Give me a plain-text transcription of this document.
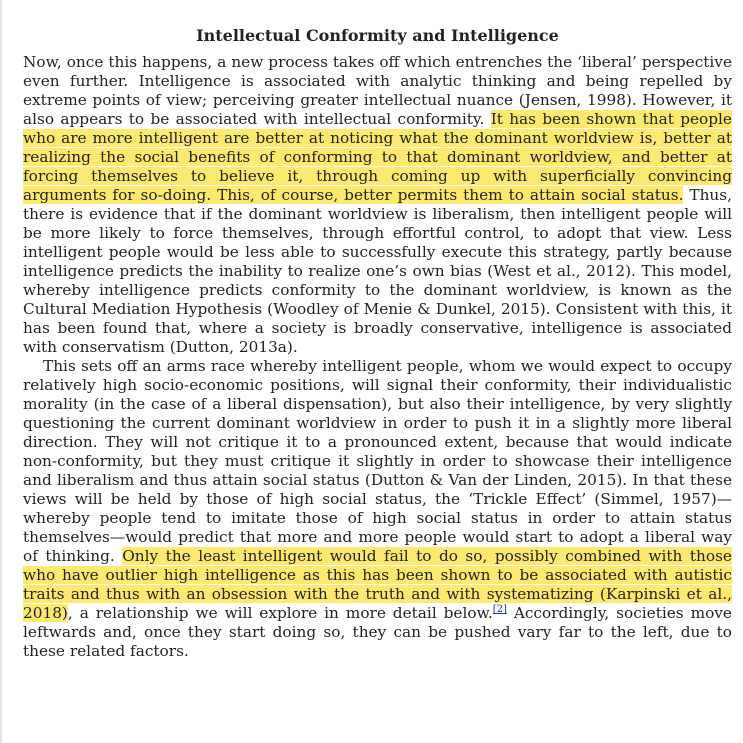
Intellectual Conformity and Intelligence

Now, once this happens, a new process takes off which entrenches the ‘liberal’ perspective even further. Intelligence is associated with analytic thinking and being repelled by extreme points of view; perceiving greater intellectual nuance (Jensen, 1998). However, it also appears to be associated with intellectual conformity. It has been shown that people who are more intelligent are better at noticing what the dominant worldview is, better at realizing the social benefits of conforming to that dominant worldview, and better at forcing themselves to believe it, through coming up with superficially convincing arguments for so-doing. This, of course, better permits them to attain social status. Thus, there is evidence that if the dominant worldview is liberalism, then intelligent people will be more likely to force themselves, through effortful control, to adopt that view. Less intelligent people would be less able to successfully execute this strategy, partly because intelligence predicts the inability to realize one’s own bias (West et al., 2012). This model, whereby intelligence predicts conformity to the dominant worldview, is known as the Cultural Mediation Hypothesis (Woodley of Menie & Dunkel, 2015). Consistent with this, it has been found that, where a society is broadly conservative, intelligence is associated with conservatism (Dutton, 2013a).

This sets off an arms race whereby intelligent people, whom we would expect to occupy relatively high socio-economic positions, will signal their conformity, their individualistic morality (in the case of a liberal dispensation), but also their intelligence, by very slightly questioning the current dominant worldview in order to push it in a slightly more liberal direction. They will not critique it to a pronounced extent, because that would indicate non-conformity, but they must critique it slightly in order to showcase their intelligence and liberalism and thus attain social status (Dutton & Van der Linden, 2015). In that these views will be held by those of high social status, the ‘Trickle Effect’ (Simmel, 1957)—whereby people tend to imitate those of high social status in order to attain status themselves—would predict that more and more people would start to adopt a liberal way of thinking. Only the least intelligent would fail to do so, possibly combined with those who have outlier high intelligence as this has been shown to be associated with autistic traits and thus with an obsession with the truth and with systematizing (Karpinski et al., 2018), a relationship we will explore in more detail below.[2] Accordingly, societies move leftwards and, once they start doing so, they can be pushed vary far to the left, due to these related factors.
